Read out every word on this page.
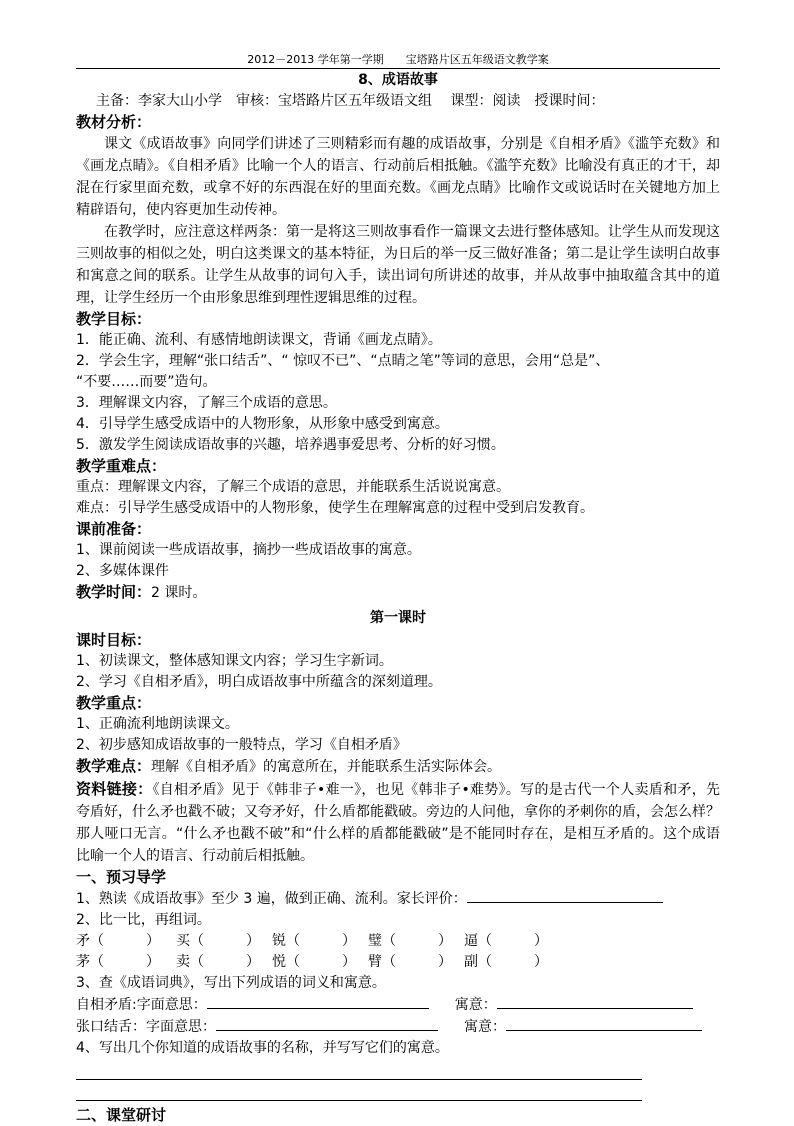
2012－2013 学年第一学期　　宝塔路片区五年级语文教学案
8、成语故事
主备：李家大山小学　审核：宝塔路片区五年级语文组　 课型：阅读　授课时间：
教材分析：
课文《成语故事》向同学们讲述了三则精彩而有趣的成语故事，分别是《自相矛盾》《滥竽充数》和《画龙点睛》。《自相矛盾》比喻一个人的语言、行动前后相抵触。《滥竽充数》比喻没有真正的才干，却混在行家里面充数，或拿不好的东西混在好的里面充数。《画龙点睛》比喻作文或说话时在关键地方加上精辟语句，使内容更加生动传神。
在教学时，应注意这样两条：第一是将这三则故事看作一篇课文去进行整体感知。让学生从而发现这三则故事的相似之处，明白这类课文的基本特征，为日后的举一反三做好准备；第二是让学生读明白故事和寓意之间的联系。让学生从故事的词句入手，读出词句所讲述的故事，并从故事中抽取蕴含其中的道理，让学生经历一个由形象思维到理性逻辑思维的过程。
教学目标：
1．能正确、流利、有感情地朗读课文，背诵《画龙点睛》。
2．学会生字，理解“张口结舌”、“ 惊叹不已”、“点睛之笔”等词的意思，会用“总是”、
“不要……而要”造句。
3．理解课文内容，了解三个成语的意思。
4．引导学生感受成语中的人物形象，从形象中感受到寓意。
5．激发学生阅读成语故事的兴趣，培养遇事爱思考、分析的好习惯。
教学重难点：
重点：理解课文内容，了解三个成语的意思，并能联系生活说说寓意。
难点：引导学生感受成语中的人物形象，使学生在理解寓意的过程中受到启发教育。
课前准备：
1、课前阅读一些成语故事，摘抄一些成语故事的寓意。
2、多媒体课件
教学时间：2 课时。
第一课时
课时目标：
1、初读课文，整体感知课文内容；学习生字新词。
2、学习《自相矛盾》，明白成语故事中所蕴含的深刻道理。
教学重点：
1、正确流利地朗读课文。
2、初步感知成语故事的一般特点，学习《自相矛盾》
教学难点：理解《自相矛盾》的寓意所在，并能联系生活实际体会。
资料链接：《自相矛盾》见于《韩非子•难一》，也见《韩非子•难势》。写的是古代一个人卖盾和矛，先夸盾好，什么矛也戳不破；又夸矛好，什么盾都能戳破。旁边的人问他，拿你的矛刺你的盾，会怎么样？那人哑口无言。“什么矛也戳不破”和“什么样的盾都能戳破”是不能同时存在，是相互矛盾的。这个成语比喻一个人的语言、行动前后相抵触。
一、预习导学
1、熟读《成语故事》至少 3 遍，做到正确、流利。家长评价：
2、比一比，再组词。
矛（　　　） 买（　　　） 锐（　　　） 璧（　　　） 逼（　　　）
茅（　　　） 卖（　　　） 悦（　　　） 臂（　　　） 副（　　　）
3、查《成语词典》，写出下列成语的词义和寓意。
自相矛盾:字面意思：	寓意：
张口结舌：字面意思：	寓意：
4、写出几个你知道的成语故事的名称，并写写它们的寓意。
二、课堂研讨
